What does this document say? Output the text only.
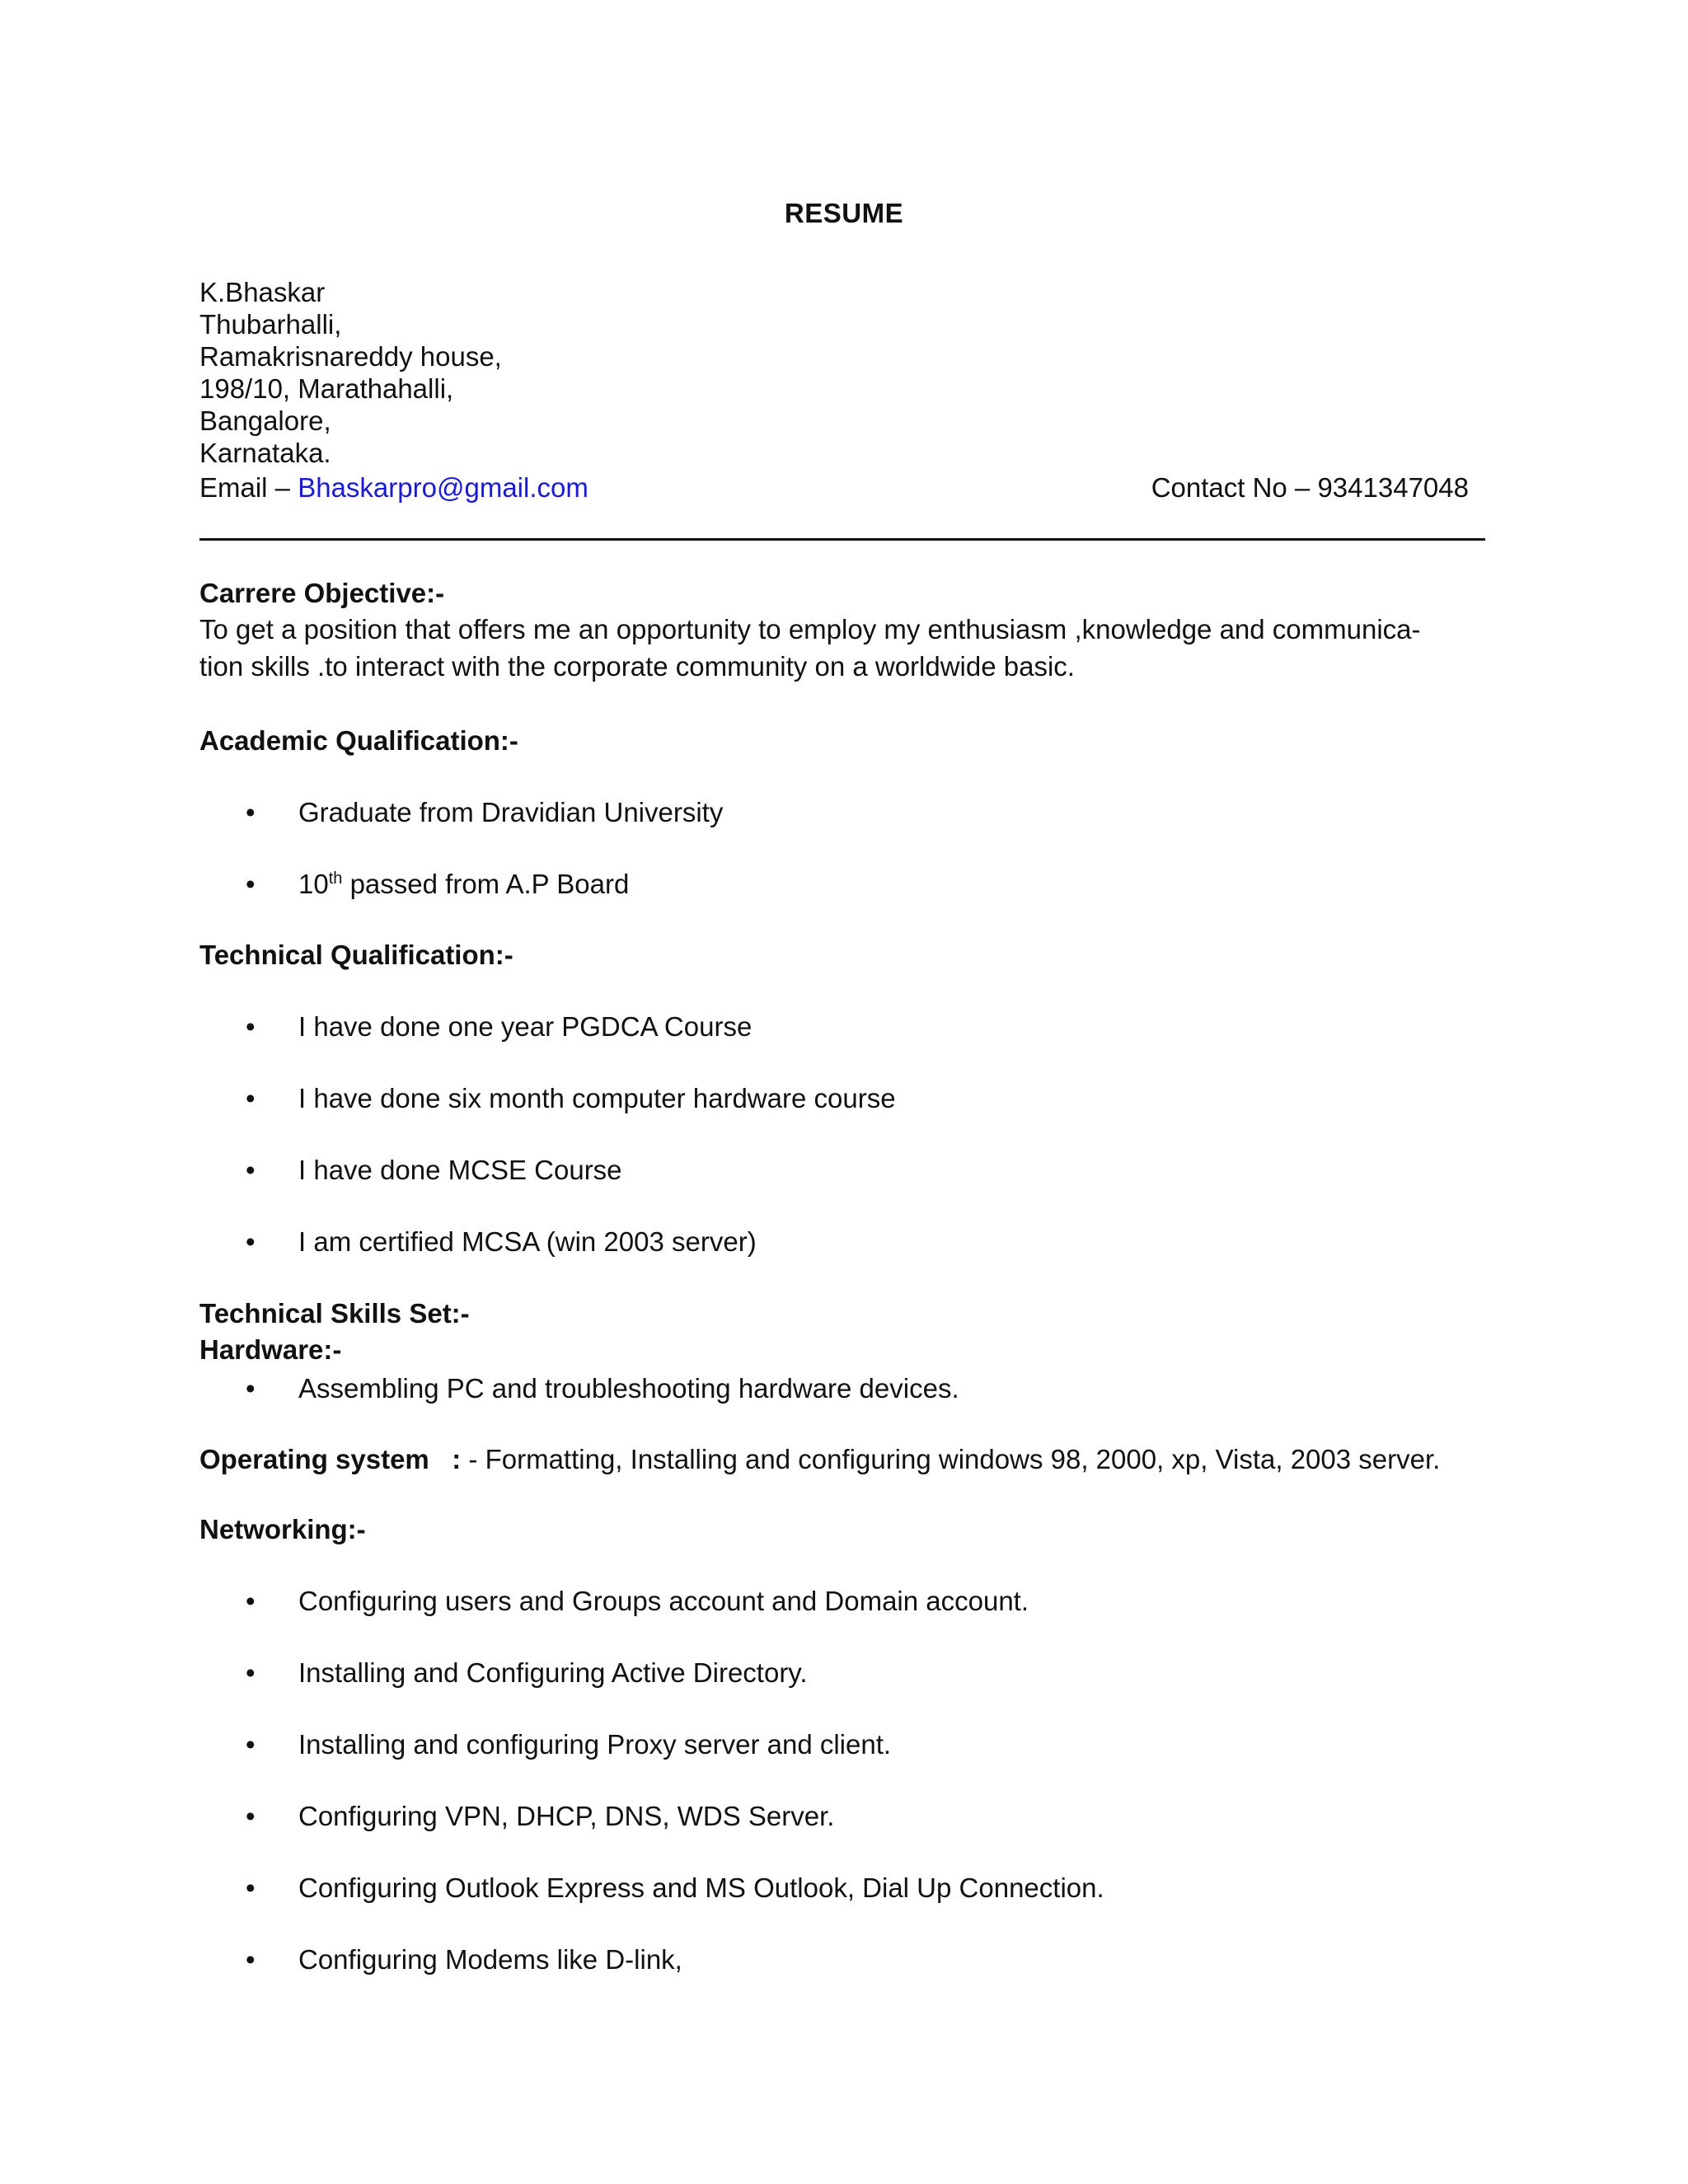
RESUME
K.Bhaskar
Thubarhalli,
Ramakrisnareddy house,
198/10, Marathahalli,
Bangalore,
Karnataka.
Email – Bhaskarpro@gmail.com	Contact No – 9341347048
Carrere Objective:-
To get a position that offers me an opportunity to employ my enthusiasm ,knowledge and communica-
tion skills .to interact with the corporate community on a worldwide basic.
Academic Qualification:-
• Graduate from Dravidian University
• 10th passed from A.P Board
Technical Qualification:-
• I have done one year PGDCA Course
• I have done six month computer hardware course
• I have done MCSE Course
• I am certified MCSA (win 2003 server)
Technical Skills Set:-
Hardware:-
• Assembling PC and troubleshooting hardware devices.
Operating system   : - Formatting, Installing and configuring windows 98, 2000, xp, Vista, 2003 server.
Networking:-
• Configuring users and Groups account and Domain account.
• Installing and Configuring Active Directory.
• Installing and configuring Proxy server and client.
• Configuring VPN, DHCP, DNS, WDS Server.
• Configuring Outlook Express and MS Outlook, Dial Up Connection.
• Configuring Modems like D-link,
